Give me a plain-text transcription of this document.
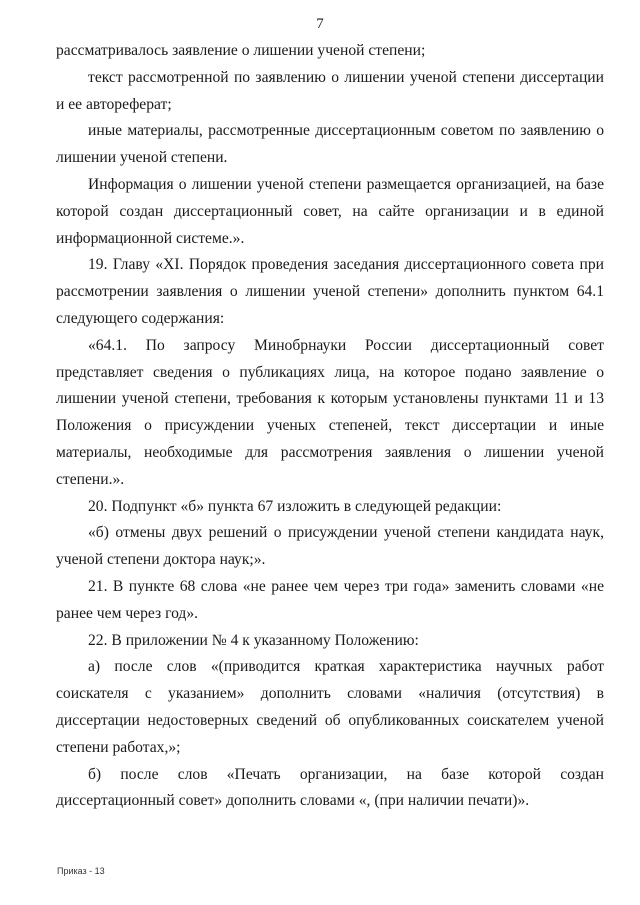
7

рассматривалось заявление о лишении ученой степени;

текст рассмотренной по заявлению о лишении ученой степени диссертации и ее автореферат;

иные материалы, рассмотренные диссертационным советом по заявлению о лишении ученой степени.

Информация о лишении ученой степени размещается организацией, на базе которой создан диссертационный совет, на сайте организации и в единой информационной системе.».

19. Главу «XI. Порядок проведения заседания диссертационного совета при рассмотрении заявления о лишении ученой степени» дополнить пунктом 64.1 следующего содержания:

«64.1. По запросу Минобрнауки России диссертационный совет представляет сведения о публикациях лица, на которое подано заявление о лишении ученой степени, требования к которым установлены пунктами 11 и 13 Положения о присуждении ученых степеней, текст диссертации и иные материалы, необходимые для рассмотрения заявления о лишении ученой степени.».

20. Подпункт «б» пункта 67 изложить в следующей редакции:

«б) отмены двух решений о присуждении ученой степени кандидата наук, ученой степени доктора наук;».

21. В пункте 68 слова «не ранее чем через три года» заменить словами «не ранее чем через год».

22. В приложении № 4 к указанному Положению:

а) после слов «(приводится краткая характеристика научных работ соискателя с указанием» дополнить словами «наличия (отсутствия) в диссертации недостоверных сведений об опубликованных соискателем ученой степени работах,»;

б) после слов «Печать организации, на базе которой создан диссертационный совет» дополнить словами «, (при наличии печати)».

Приказ - 13
